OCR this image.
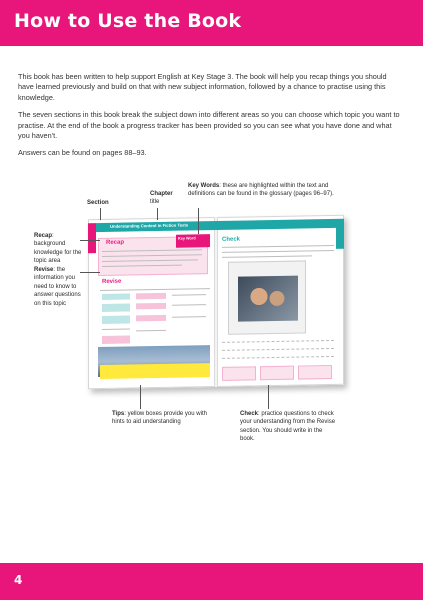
How to Use the Book

This book has been written to help support English at Key Stage 3. The book will help you recap things you should have learned previously and build on that with new subject information, followed by a chance to practise using this knowledge.

The seven sections in this book break the subject down into different areas so you can choose which topic you want to practise. At the end of the book a progress tracker has been provided so you can see what you have done and what you haven't.

Answers can be found on pages 88–93.

Understanding Content in Fiction Texts
Recap
Key Word
Revise
Check
Section
Chapter
title
Key Words: these are highlighted within the text and definitions can be found in the glossary (pages 96–97).
Recap: background knowledge for the topic area
Revise: the information you need to know to answer questions on this topic
Tips: yellow boxes provide you with hints to aid understanding
Check: practice questions to check your understanding from the Revise section. You should write in the book.
4
